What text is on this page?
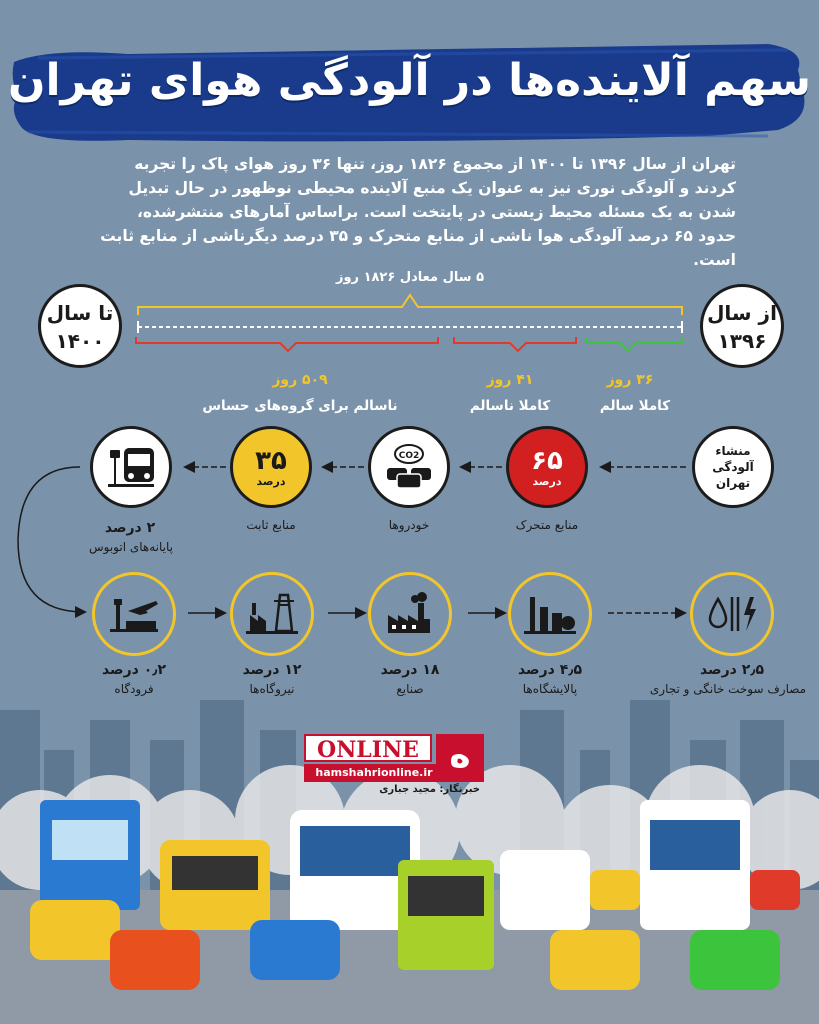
سهم آلاینده‌ها در آلودگی هوای تهران
تهران از سال ۱۳۹۶ تا ۱۴۰۰ از مجموع ۱۸۲۶ روز، تنها ۳۶ روز هوای پاک را تجربه کردند و آلودگی نوری نیز به عنوان یک منبع آلاینده محیطی نوظهور در حال تبدیل شدن به یک مسئله محیط زیستی در پایتخت است. براساس آمارهای منتشرشده، حدود ۶۵ درصد آلودگی هوا ناشی از منابع متحرک و ۳۵ درصد دیگرناشی از منابع ثابت است.
۵ سال معادل ۱۸۲۶ روز
از سال
۱۳۹۶
تا سال
۱۴۰۰
۳۶ روز
کاملا سالم
۴۱ روز
کاملا ناسالم
۵۰۹ روز
ناسالم برای گروه‌های حساس
منشاء آلودگی تهران
۶۵
درصد
منابع متحرک
CO2
خودروها
۳۵
درصد
منابع ثابت
۲ درصد
پایانه‌های اتوبوس
۰٫۲ درصد
فرودگاه
۱۲ درصد
نیروگاه‌ها
۱۸ درصد
صنایع
۴٫۵ درصد
پالایشگاه‌ها
۲٫۵ درصد
مصارف سوخت خانگی و تجاری
ONLINE
hamshahrionline.ir ه
خبرنگار: مجید جباری
